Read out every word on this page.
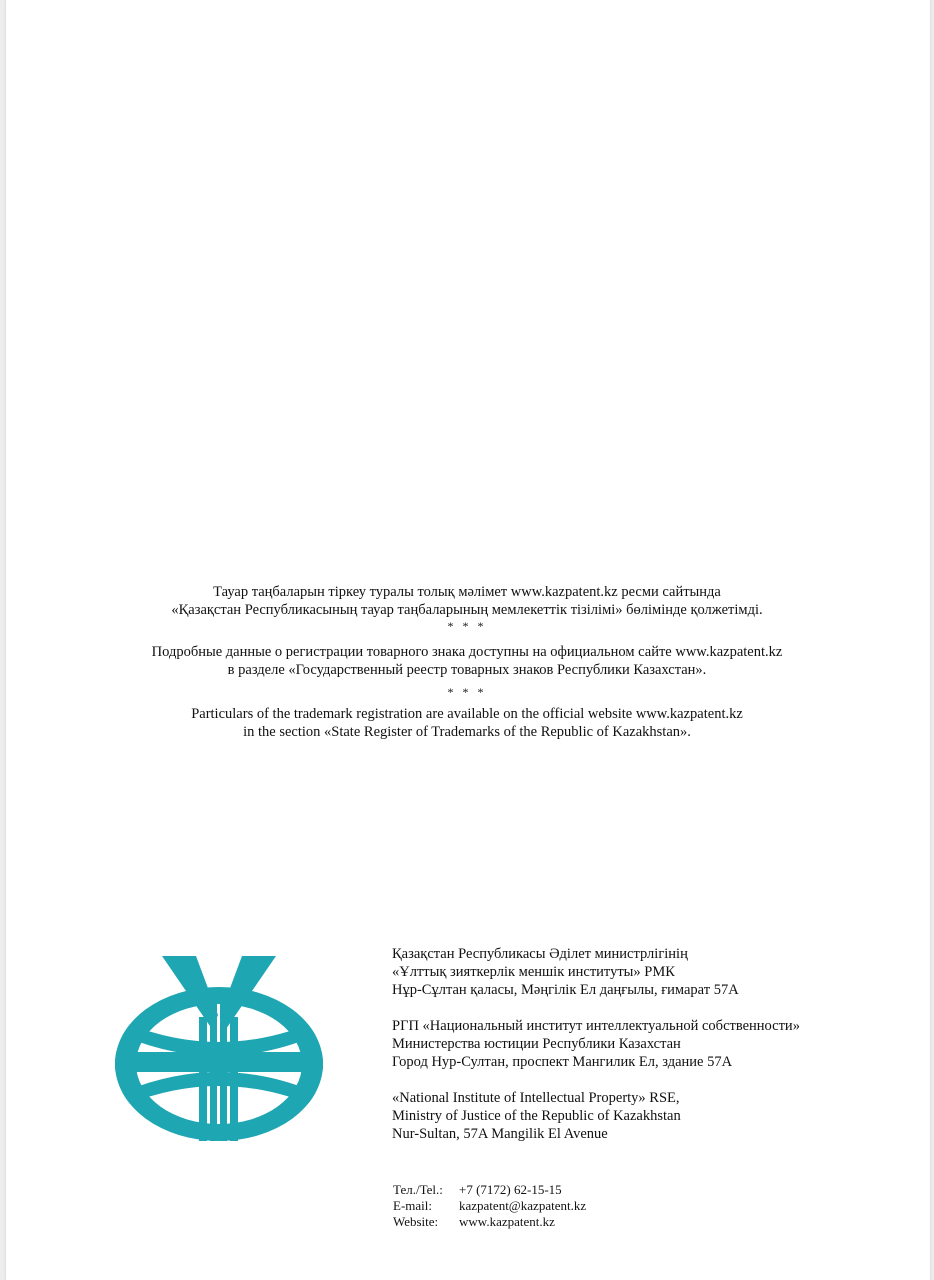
Тауар таңбаларын тіркеу туралы толық мәлімет www.kazpatent.kz ресми сайтында

«Қазақстан Республикасының тауар таңбаларының мемлекеттік тізілімі» бөлімінде қолжетімді.

* * *

Подробные данные о регистрации товарного знака доступны на официальном сайте www.kazpatent.kz

в разделе «Государственный реестр товарных знаков Республики Казахстан».

* * *

Particulars of the trademark registration are available on the official website www.kazpatent.kz

in the section «State Register of Trademarks of the Republic of Kazakhstan».

Қазақстан Республикасы Әділет министрлігінің

«Ұлттық зияткерлік меншік институты» РМК

Нұр-Сұлтан қаласы, Мәңгілік Ел даңғылы, ғимарат 57А

РГП «Национальный институт интеллектуальной собственности»

Министерства юстиции Республики Казахстан

Город Нур-Султан, проспект Мангилик Ел, здание 57А

«National Institute of Intellectual Property» RSE,

Ministry of Justice of the Republic of Kazakhstan

Nur-Sultan, 57A Mangilik El Avenue

Тел./Tel.:	+7 (7172) 62-15-15
E-mail:	kazpatent@kazpatent.kz
Website:	www.kazpatent.kz
